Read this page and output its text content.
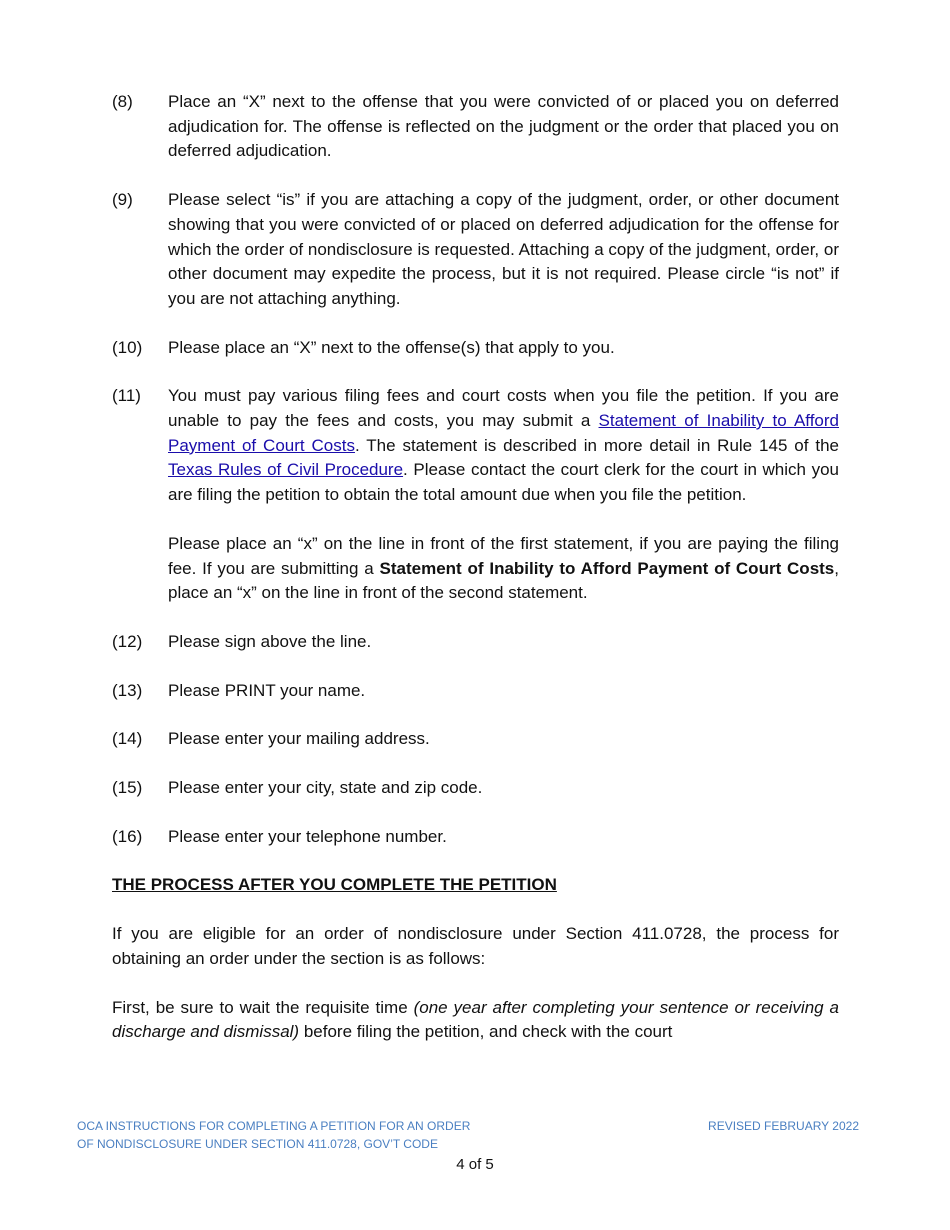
(8)	Place an “X” next to the offense that you were convicted of or placed you on deferred adjudication for. The offense is reflected on the judgment or the order that placed you on deferred adjudication.
(9)	Please select “is” if you are attaching a copy of the judgment, order, or other document showing that you were convicted of or placed on deferred adjudication for the offense for which the order of nondisclosure is requested. Attaching a copy of the judgment, order, or other document may expedite the process, but it is not required. Please circle “is not” if you are not attaching anything.
(10)	Please place an “X” next to the offense(s) that apply to you.
(11)	You must pay various filing fees and court costs when you file the petition. If you are unable to pay the fees and costs, you may submit a Statement of Inability to Afford Payment of Court Costs. The statement is described in more detail in Rule 145 of the Texas Rules of Civil Procedure. Please contact the court clerk for the court in which you are filing the petition to obtain the total amount due when you file the petition.
Please place an “x” on the line in front of the first statement, if you are paying the filing fee. If you are submitting a Statement of Inability to Afford Payment of Court Costs, place an “x” on the line in front of the second statement.
(12)	Please sign above the line.
(13)	Please PRINT your name.
(14)	Please enter your mailing address.
(15)	Please enter your city, state and zip code.
(16)	Please enter your telephone number.
THE PROCESS AFTER YOU COMPLETE THE PETITION
If you are eligible for an order of nondisclosure under Section 411.0728, the process for obtaining an order under the section is as follows:
First, be sure to wait the requisite time (one year after completing your sentence or receiving a discharge and dismissal) before filing the petition, and check with the court
OCA INSTRUCTIONS FOR COMPLETING A PETITION FOR AN ORDER
OF NONDISCLOSURE UNDER SECTION 411.0728, GOV’T CODE
REVISED FEBRUARY 2022
4 of 5
